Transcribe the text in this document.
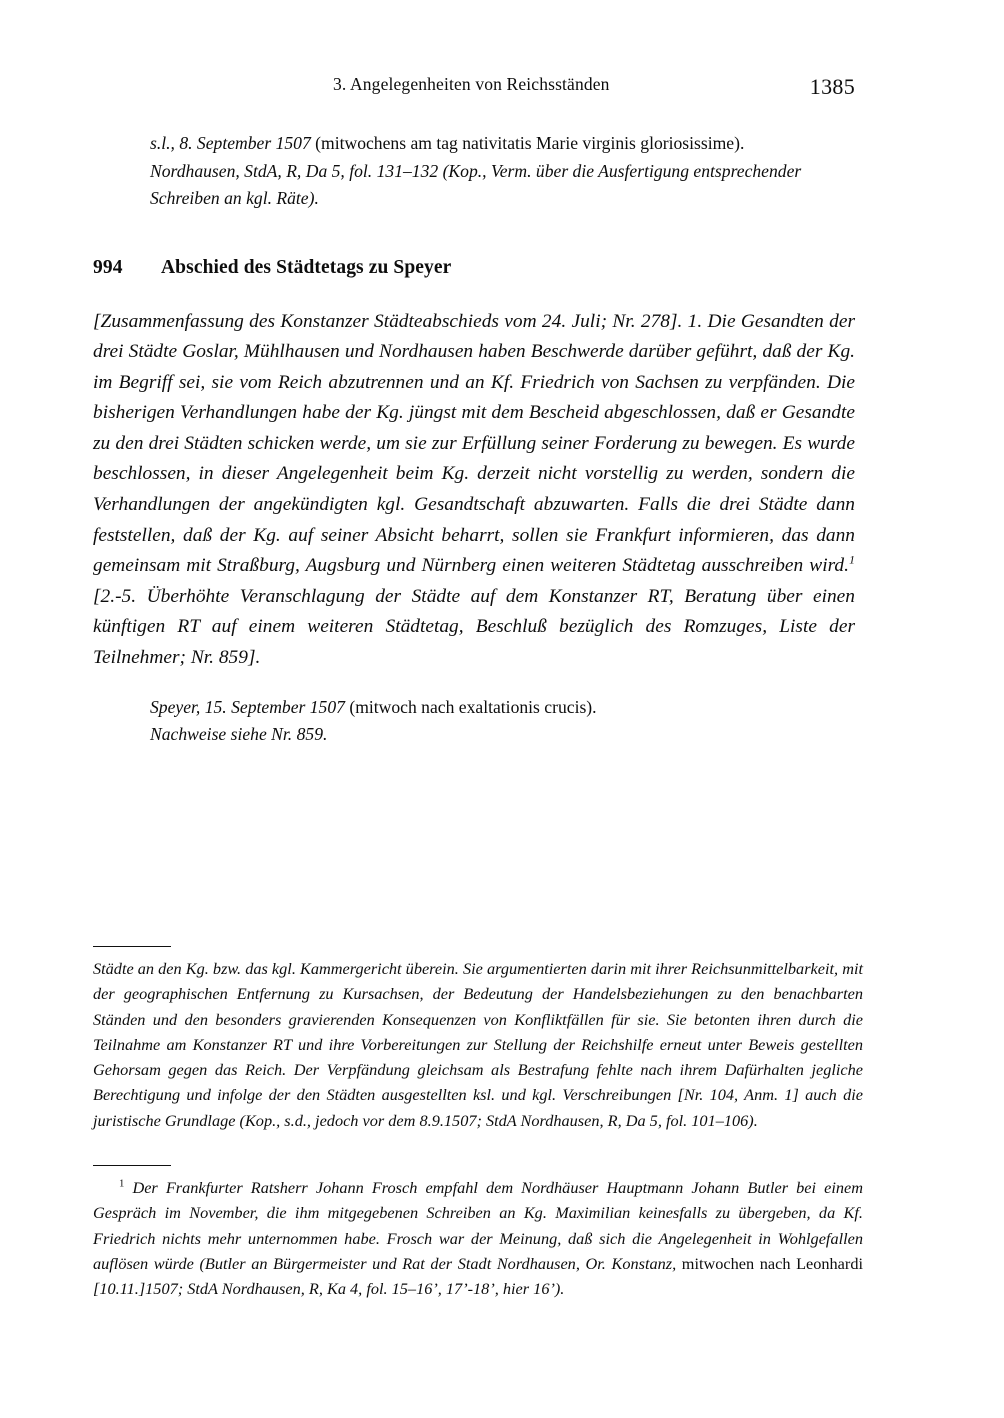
3. Angelegenheiten von Reichsständen	1385
s.l., 8. September 1507 (mitwochens am tag nativitatis Marie virginis gloriosissime).
Nordhausen, StdA, R, Da 5, fol. 131–132 (Kop., Verm. über die Ausfertigung entsprechender Schreiben an kgl. Räte).
994	Abschied des Städtetags zu Speyer

[Zusammenfassung des Konstanzer Städteabschieds vom 24. Juli; Nr. 278]. 1. Die Gesandten der drei Städte Goslar, Mühlhausen und Nordhausen haben Beschwerde darüber geführt, daß der Kg. im Begriff sei, sie vom Reich abzutrennen und an Kf. Friedrich von Sachsen zu verpfänden. Die bisherigen Verhandlungen habe der Kg. jüngst mit dem Bescheid abgeschlossen, daß er Gesandte zu den drei Städten schicken werde, um sie zur Erfüllung seiner Forderung zu bewegen. Es wurde beschlossen, in dieser Angelegenheit beim Kg. derzeit nicht vorstellig zu werden, sondern die Verhandlungen der angekündigten kgl. Gesandtschaft abzuwarten. Falls die drei Städte dann feststellen, daß der Kg. auf seiner Absicht beharrt, sollen sie Frankfurt informieren, das dann gemeinsam mit Straßburg, Augsburg und Nürnberg einen weiteren Städtetag ausschreiben wird.$^1$ [2.-5. Überhöhte Veranschlagung der Städte auf dem Konstanzer RT, Beratung über einen künftigen RT auf einem weiteren Städtetag, Beschluß bezüglich des Romzuges, Liste der Teilnehmer; Nr. 859].

Speyer, 15. September 1507 (mitwoch nach exaltationis crucis).
Nachweise siehe Nr. 859.
Städte an den Kg. bzw. das kgl. Kammergericht überein. Sie argumentierten darin mit ihrer Reichsunmittelbarkeit, mit der geographischen Entfernung zu Kursachsen, der Bedeutung der Handelsbeziehungen zu den benachbarten Ständen und den besonders gravierenden Konsequenzen von Konfliktfällen für sie. Sie betonten ihren durch die Teilnahme am Konstanzer RT und ihre Vorbereitungen zur Stellung der Reichshilfe erneut unter Beweis gestellten Gehorsam gegen das Reich. Der Verpfändung gleichsam als Bestrafung fehlte nach ihrem Dafürhalten jegliche Berechtigung und infolge der den Städten ausgestellten ksl. und kgl. Verschreibungen [Nr. 104, Anm. 1] auch die juristische Grundlage (Kop., s.d., jedoch vor dem 8.9.1507; StdA Nordhausen, R, Da 5, fol. 101–106).
$^1$ Der Frankfurter Ratsherr Johann Frosch empfahl dem Nordhäuser Hauptmann Johann Butler bei einem Gespräch im November, die ihm mitgegebenen Schreiben an Kg. Maximilian keinesfalls zu übergeben, da Kf. Friedrich nichts mehr unternommen habe. Frosch war der Meinung, daß sich die Angelegenheit in Wohlgefallen auflösen würde (Butler an Bürgermeister und Rat der Stadt Nordhausen, Or. Konstanz, mitwochen nach Leonhardi [10.11.]1507; StdA Nordhausen, R, Ka 4, fol. 15–16’, 17’-18’, hier 16’).
